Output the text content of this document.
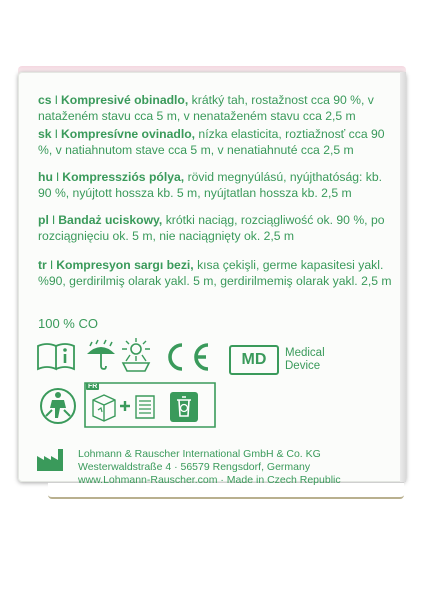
cs I Kompresivé obinadlo, krátký tah, rostažnost cca 90 %, v nataženém stavu cca 5 m, v nenataženém stavu cca 2,5 m
sk I Kompresívne ovinadlo, nízka elasticita, roztiažnosť cca 90 %, v natiahnutom stave cca 5 m, v nenatiahnuté cca 2,5 m
hu I Kompressziós pólya, rövid megnyúlású, nyújthatóság: kb. 90 %, nyújtott hossza kb. 5 m, nyújtatlan hossza kb. 2,5 m
pl I Bandaż uciskowy, krótki naciąg, rozciągliwość ok. 90 %, po rozciągnięciu ok. 5 m, nie naciągnięty ok. 2,5 m
tr I Kompresyon sargı bezi, kısa çekişli, germe kapasitesi yakl. %90, gerdirilmiş olarak yakl. 5 m, gerdirilmemiş olarak yakl. 2,5 m
100 % CO
MD	Medical Device
FR
Lohmann & Rauscher International GmbH & Co. KG
Westerwaldstraße 4 · 56579 Rengsdorf, Germany
www.Lohmann-Rauscher.com · Made in Czech Republic
